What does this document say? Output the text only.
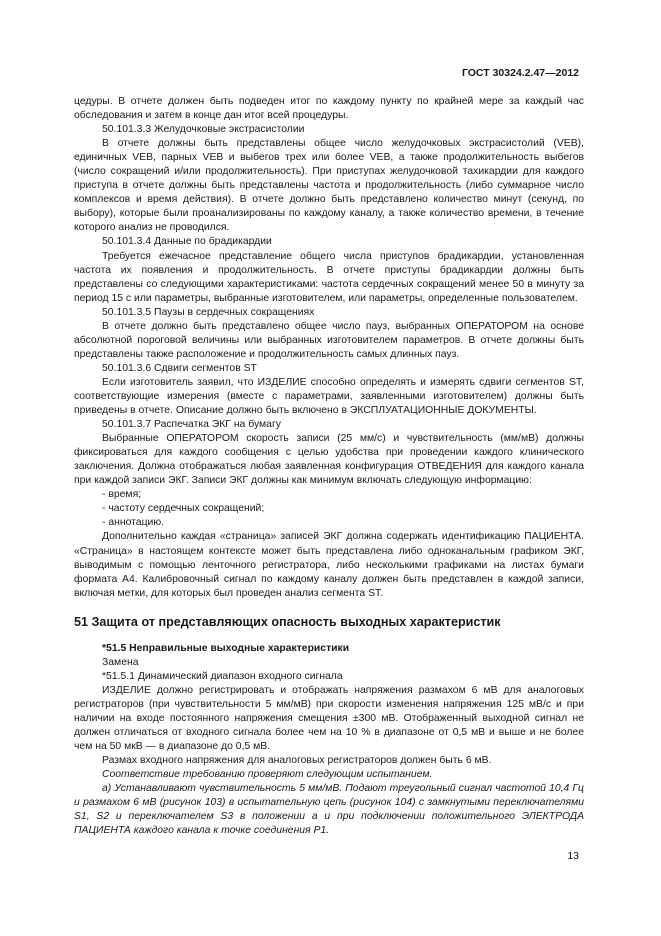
ГОСТ 30324.2.47—2012

цедуры. В отчете должен быть подведен итог по каждому пункту по крайней мере за каждый час обследования и затем в конце дан итог всей процедуры.

50.101.3.3 Желудочковые экстрасистолии

В отчете должны быть представлены общее число желудочковых экстрасистолий (VEB), единичных VEB, парных VEB и выбегов трех или более VEB, а также продолжительность выбегов (число сокращений и/или продолжительность). При приступах желудочковой тахикардии для каждого приступа в отчете должны быть представлены частота и продолжительность (либо суммарное число комплексов и время действия). В отчете должно быть представлено количество минут (секунд, по выбору), которые были проанализированы по каждому каналу, а также количество времени, в течение которого анализ не проводился.

50.101.3.4 Данные по брадикардии

Требуется ежечасное представление общего числа приступов брадикардии, установленная частота их появления и продолжительность. В отчете приступы брадикардии должны быть представлены со следующими характеристиками: частота сердечных сокращений менее 50 в минуту за период 15 с или параметры, выбранные изготовителем, или параметры, определенные пользователем.

50.101.3.5 Паузы в сердечных сокращениях

В отчете должно быть представлено общее число пауз, выбранных ОПЕРАТОРОМ на основе абсолютной пороговой величины или выбранных изготовителем параметров. В отчете должны быть представлены также расположение и продолжительность самых длинных пауз.

50.101.3.6 Сдвиги сегментов ST

Если изготовитель заявил, что ИЗДЕЛИЕ способно определять и измерять сдвиги сегментов ST, соответствующие измерения (вместе с параметрами, заявленными изготовителем) должны быть приведены в отчете. Описание должно быть включено в ЭКСПЛУАТАЦИОННЫЕ ДОКУМЕНТЫ.

50.101.3.7 Распечатка ЭКГ на бумагу

Выбранные ОПЕРАТОРОМ скорость записи (25 мм/с) и чувствительность (мм/мВ) должны фиксироваться для каждого сообщения с целью удобства при проведении каждого клинического заключения. Должна отображаться любая заявленная конфигурация ОТВЕДЕНИЯ для каждого канала при каждой записи ЭКГ. Записи ЭКГ должны как минимум включать следующую информацию:

- время;
- частоту сердечных сокращений;
- аннотацию.

Дополнительно каждая «страница» записей ЭКГ должна содержать идентификацию ПАЦИЕНТА. «Страница» в настоящем контексте может быть представлена либо одноканальным графиком ЭКГ, выводимым с помощью ленточного регистратора, либо несколькими графиками на листах бумаги формата А4. Калибровочный сигнал по каждому каналу должен быть представлен в каждой записи, включая метки, для которых был проведен анализ сегмента ST.

51 Защита от представляющих опасность выходных характеристик

*51.5 Неправильные выходные характеристики

Замена

*51.5.1 Динамический диапазон входного сигнала

ИЗДЕЛИЕ должно регистрировать и отображать напряжения размахом 6 мВ для аналоговых регистраторов (при чувствительности 5 мм/мВ) при скорости изменения напряжения 125 мВ/с и при наличии на входе постоянного напряжения смещения ±300 мВ. Отображенный выходной сигнал не должен отличаться от входного сигнала более чем на 10 % в диапазоне от 0,5 мВ и выше и не более чем на 50 мкВ — в диапазоне до 0,5 мВ.

Размах входного напряжения для аналоговых регистраторов должен быть 6 мВ.

Соответствие требованию проверяют следующим испытанием.

а) Устанавливают чувствительность 5 мм/мВ. Подают треугольный сигнал частотой 10,4 Гц и размахом 6 мВ (рисунок 103) в испытательную цепь (рисунок 104) с замкнутыми переключателями S1, S2 и переключателем S3 в положении a и при подключении положительного ЭЛЕКТРОДА ПАЦИЕНТА каждого канала к точке соединения P1.

13
